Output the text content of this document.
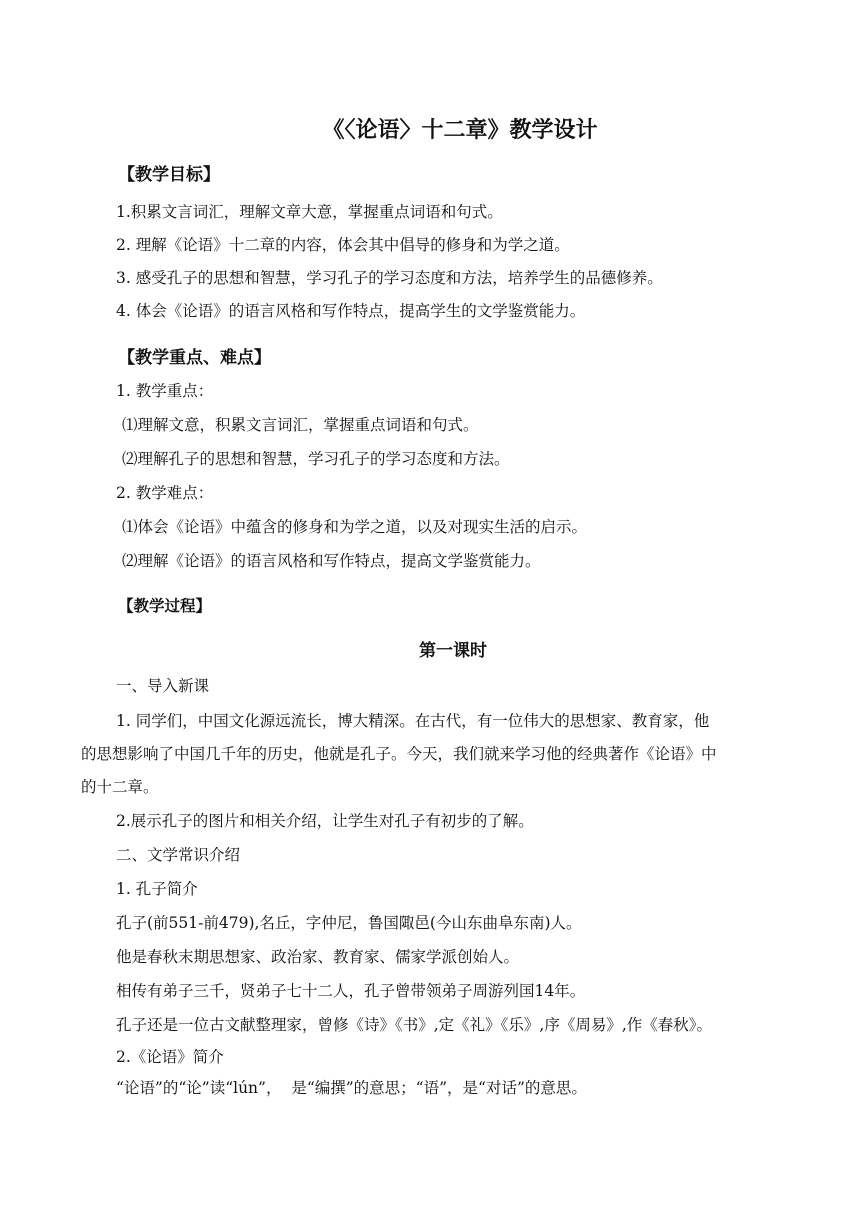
《〈论语〉十二章》教学设计
【教学目标】
1.积累文言词汇，理解文章大意，掌握重点词语和句式。
2. 理解《论语》十二章的内容，体会其中倡导的修身和为学之道。
3. 感受孔子的思想和智慧，学习孔子的学习态度和方法，培养学生的品德修养。
4. 体会《论语》的语言风格和写作特点，提高学生的文学鉴赏能力。
【教学重点、难点】
1. 教学重点：
⑴理解文意，积累文言词汇，掌握重点词语和句式。
⑵理解孔子的思想和智慧，学习孔子的学习态度和方法。
2. 教学难点：
⑴体会《论语》中蕴含的修身和为学之道，以及对现实生活的启示。
⑵理解《论语》的语言风格和写作特点，提高文学鉴赏能力。
【教学过程】
第一课时
一、导入新课
1. 同学们，中国文化源远流长，博大精深。在古代，有一位伟大的思想家、教育家，他
的思想影响了中国几千年的历史，他就是孔子。今天，我们就来学习他的经典著作《论语》中
的十二章。
2.展示孔子的图片和相关介绍，让学生对孔子有初步的了解。
二、文学常识介绍
1. 孔子简介
孔子(前551-前479),名丘，字仲尼，鲁国陬邑(今山东曲阜东南)人。
他是春秋末期思想家、政治家、教育家、儒家学派创始人。
相传有弟子三千，贤弟子七十二人，孔子曾带领弟子周游列国14年。
孔子还是一位古文献整理家，曾修《诗》《书》,定《礼》《乐》,序《周易》,作《春秋》。
2.《论语》简介
“论语”的“论”读“lún”，  是“编撰”的意思；“语”，是“对话”的意思。
